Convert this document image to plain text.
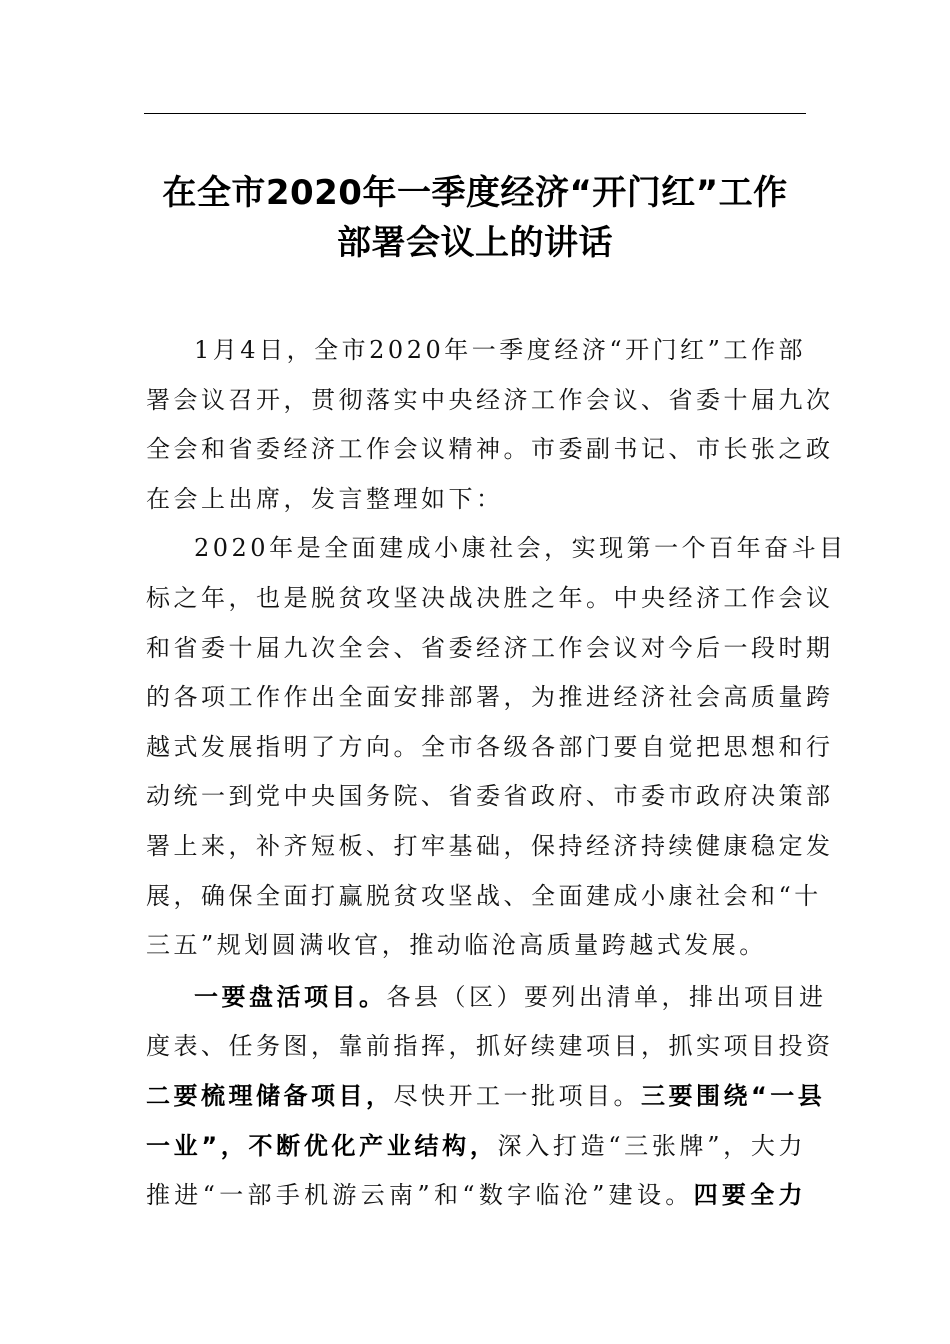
在全市2020年一季度经济“开门红”工作
部署会议上的讲话
1月4日，全市2020年一季度经济“开门红”工作部
署会议召开，贯彻落实中央经济工作会议、省委十届九次
全会和省委经济工作会议精神。市委副书记、市长张之政
在会上出席，发言整理如下：
2020年是全面建成小康社会，实现第一个百年奋斗目
标之年，也是脱贫攻坚决战决胜之年。中央经济工作会议
和省委十届九次全会、省委经济工作会议对今后一段时期
的各项工作作出全面安排部署，为推进经济社会高质量跨
越式发展指明了方向。全市各级各部门要自觉把思想和行
动统一到党中央国务院、省委省政府、市委市政府决策部
署上来，补齐短板、打牢基础，保持经济持续健康稳定发
展，确保全面打赢脱贫攻坚战、全面建成小康社会和“十
三五”规划圆满收官，推动临沧高质量跨越式发展。
一要盘活项目。各县（区）要列出清单，排出项目进
度表、任务图，靠前指挥，抓好续建项目，抓实项目投资
二要梳理储备项目，尽快开工一批项目。三要围绕“一县
一业”，不断优化产业结构，深入打造“三张牌”，大力
推进“一部手机游云南”和“数字临沧”建设。四要全力
